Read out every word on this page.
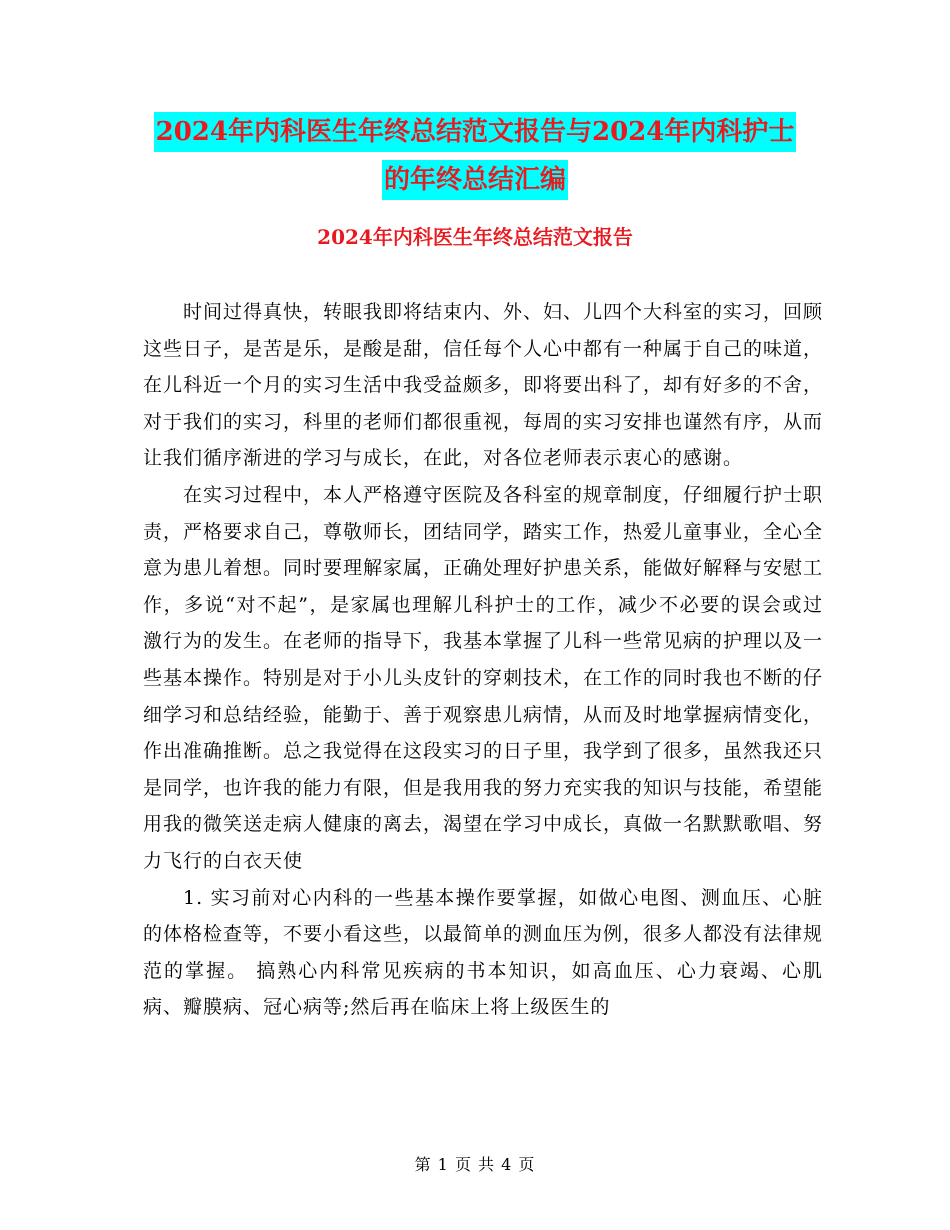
2024年内科医生年终总结范文报告与2024年内科护士
的年终总结汇编
2024年内科医生年终总结范文报告

时间过得真快，转眼我即将结束内、外、妇、儿四个大科室的实习，回顾这些日子，是苦是乐，是酸是甜，信任每个人心中都有一种属于自己的味道，在儿科近一个月的实习生活中我受益颇多，即将要出科了，却有好多的不舍，对于我们的实习，科里的老师们都很重视，每周的实习安排也谨然有序，从而让我们循序渐进的学习与成长，在此，对各位老师表示衷心的感谢。

在实习过程中，本人严格遵守医院及各科室的规章制度，仔细履行护士职责，严格要求自己，尊敬师长，团结同学，踏实工作，热爱儿童事业，全心全意为患儿着想。同时要理解家属，正确处理好护患关系，能做好解释与安慰工作，多说“对不起”，是家属也理解儿科护士的工作，减少不必要的误会或过激行为的发生。在老师的指导下，我基本掌握了儿科一些常见病的护理以及一些基本操作。特别是对于小儿头皮针的穿刺技术，在工作的同时我也不断的仔细学习和总结经验，能勤于、善于观察患儿病情，从而及时地掌握病情变化，作出准确推断。总之我觉得在这段实习的日子里，我学到了很多，虽然我还只是同学，也许我的能力有限，但是我用我的努力充实我的知识与技能，希望能用我的微笑送走病人健康的离去，渴望在学习中成长，真做一名默默歌唱、努力飞行的白衣天使

1. 实习前对心内科的一些基本操作要掌握，如做心电图、测血压、心脏的体格检查等，不要小看这些，以最简单的测血压为例，很多人都没有法律规范的掌握。 搞熟心内科常见疾病的书本知识，如高血压、心力衰竭、心肌病、瓣膜病、冠心病等;然后再在临床上将上级医生的

第 1 页 共 4 页
